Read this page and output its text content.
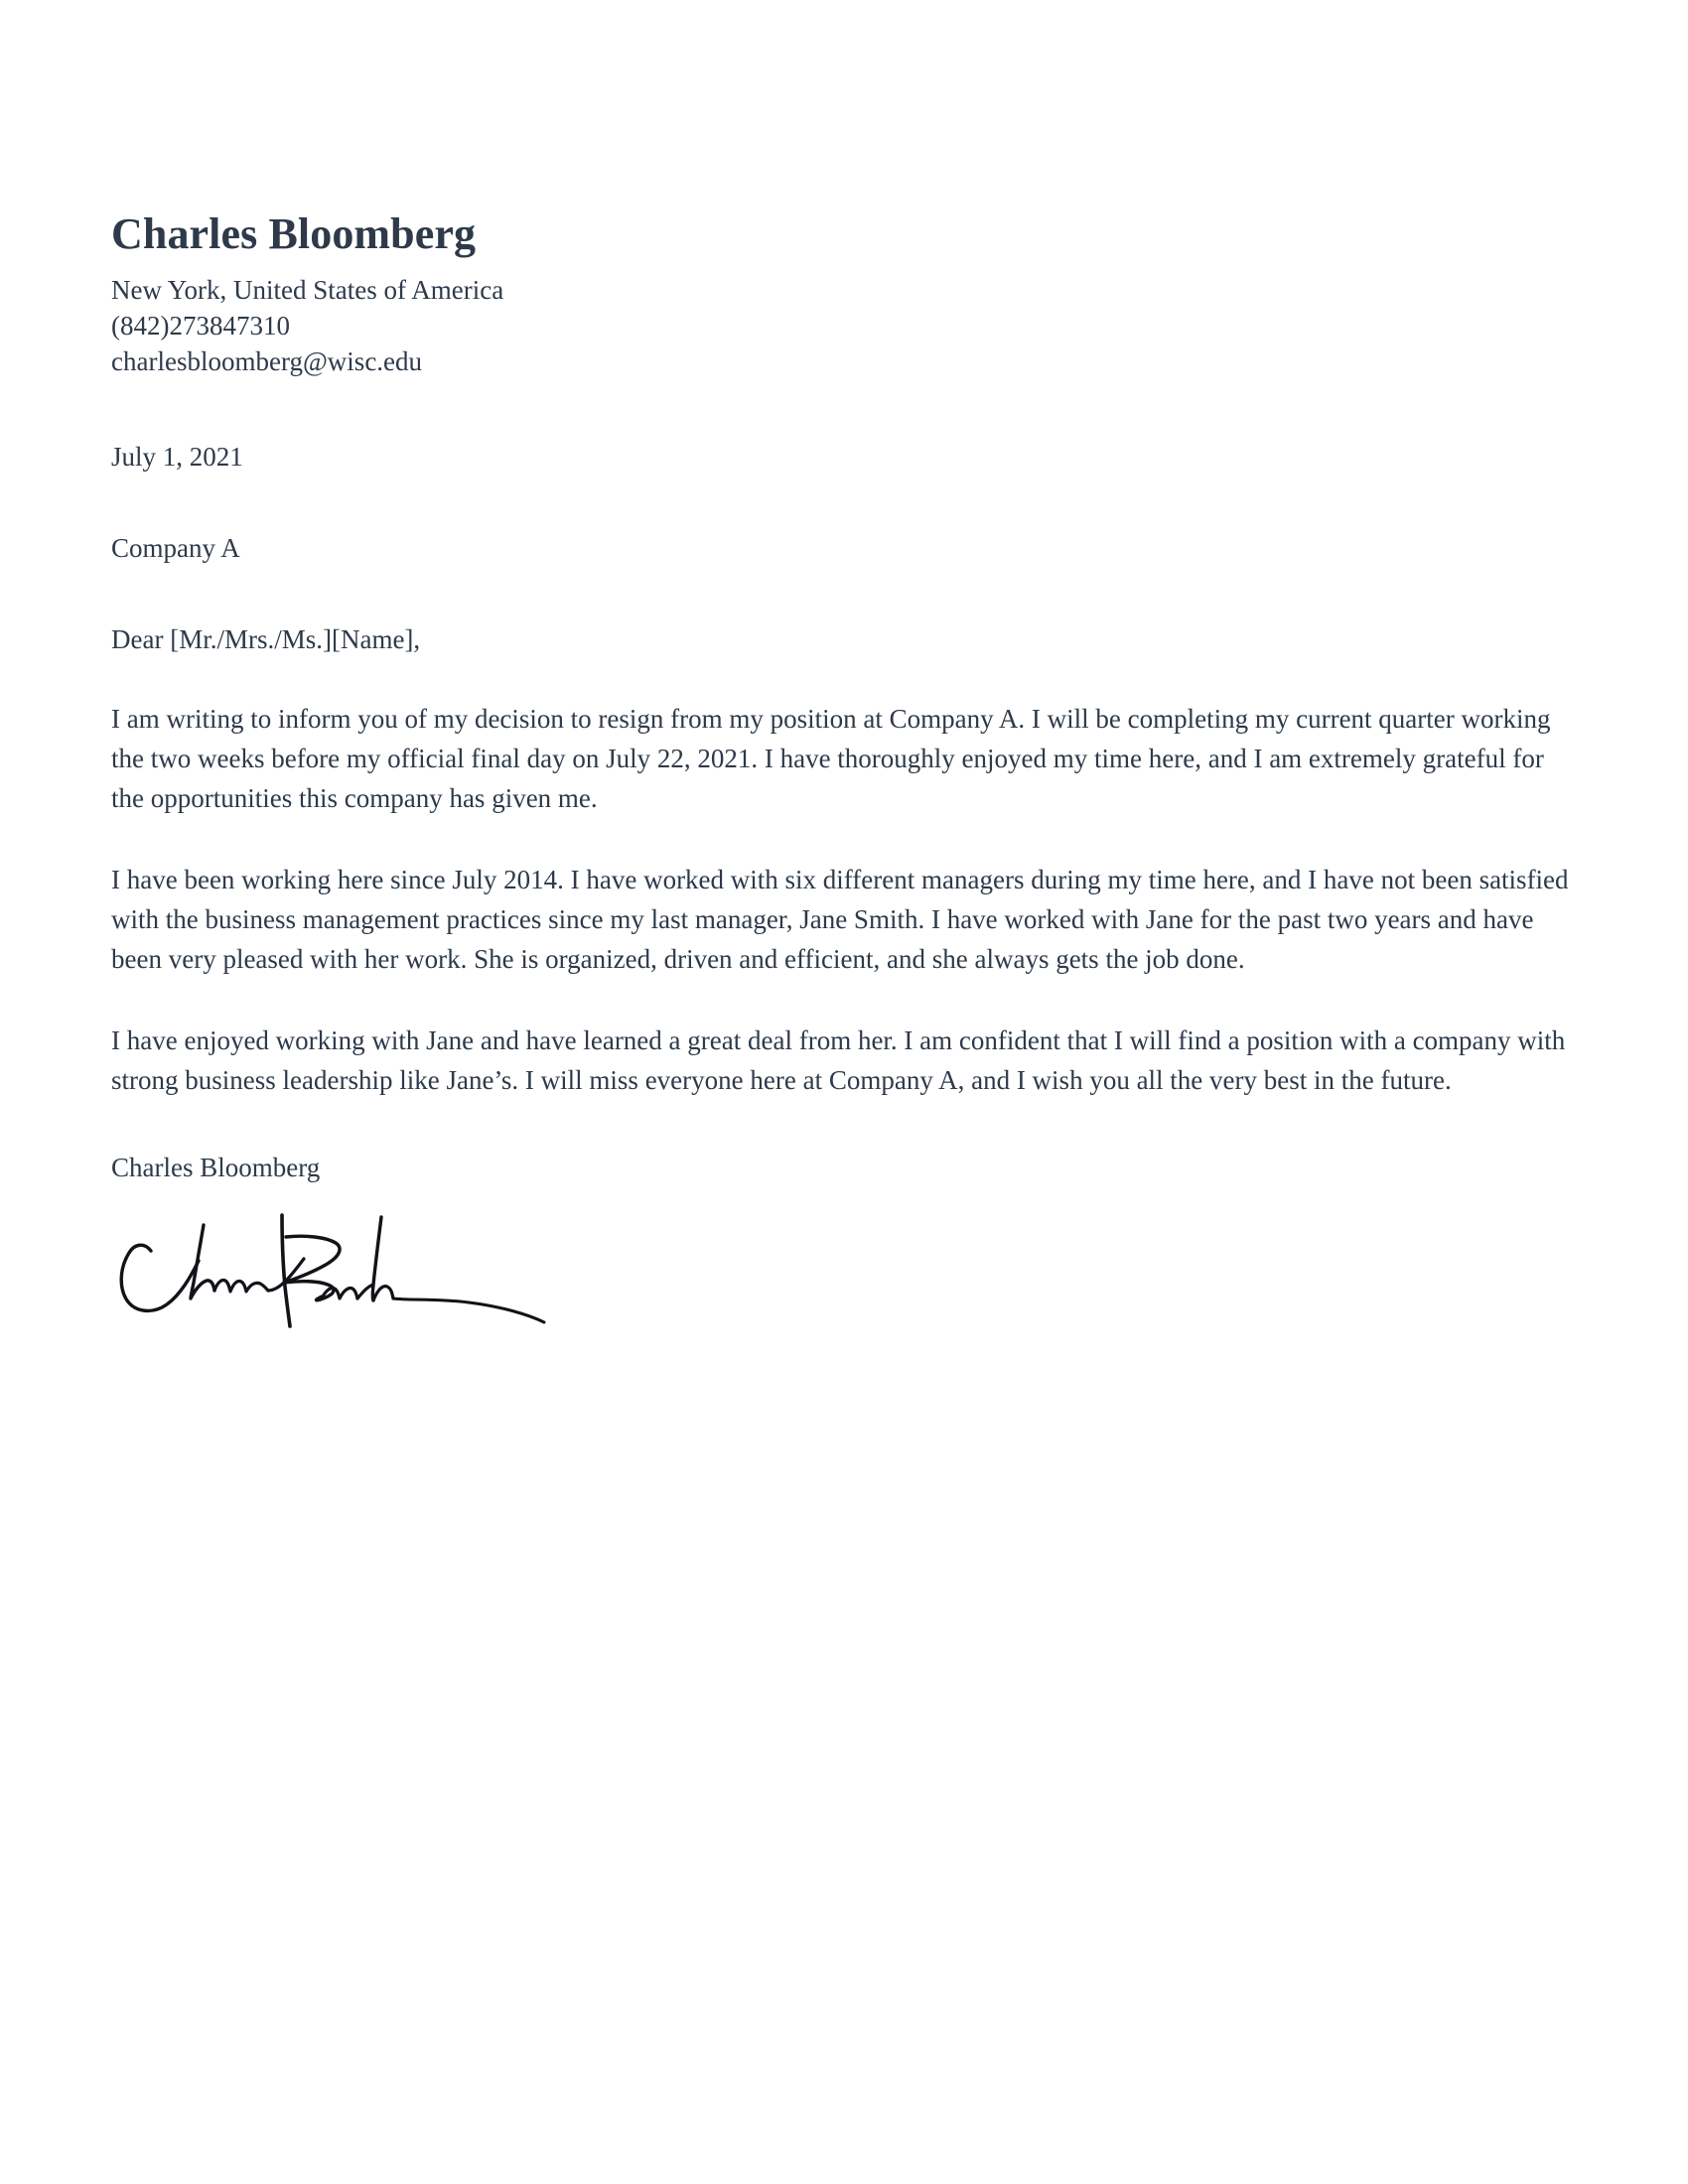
Charles Bloomberg

New York, United States of America

(842)273847310

charlesbloomberg@wisc.edu

July 1, 2021

Company A

Dear [Mr./Mrs./Ms.][Name],

I am writing to inform you of my decision to resign from my position at Company A. I will be completing my current quarter working the two weeks before my official final day on July 22, 2021. I have thoroughly enjoyed my time here, and I am extremely grateful for the opportunities this company has given me.

I have been working here since July 2014. I have worked with six different managers during my time here, and I have not been satisfied with the business management practices since my last manager, Jane Smith. I have worked with Jane for the past two years and have been very pleased with her work. She is organized, driven and efficient, and she always gets the job done.

I have enjoyed working with Jane and have learned a great deal from her. I am confident that I will find a position with a company with strong business leadership like Jane’s. I will miss everyone here at Company A, and I wish you all the very best in the future.

Charles Bloomberg
